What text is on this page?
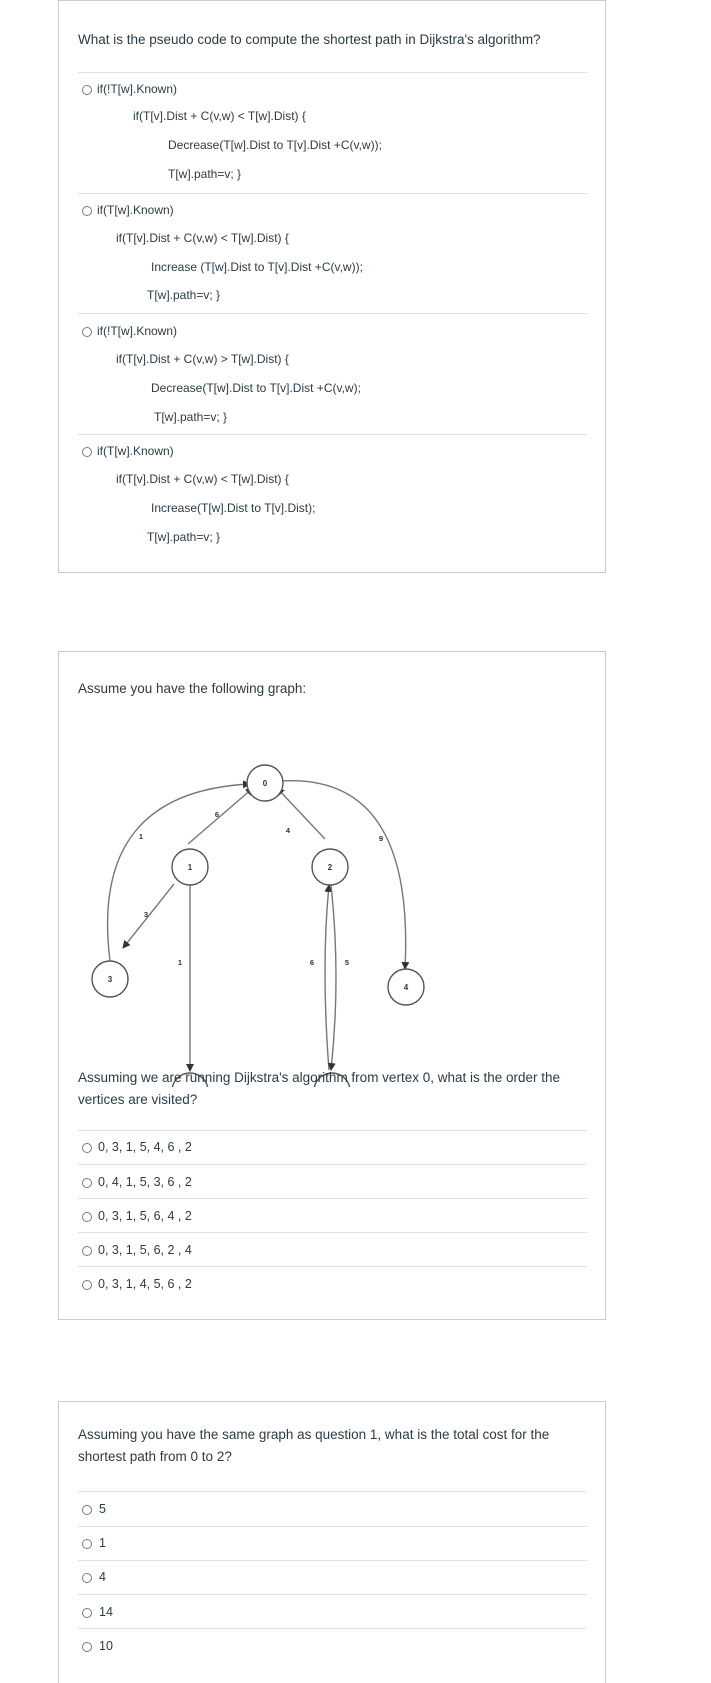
What is the pseudo code to compute the shortest path in Dijkstra's algorithm?
if(!T[w].Known)
if(T[v].Dist + C(v,w) < T[w].Dist) {
Decrease(T[w].Dist to T[v].Dist +C(v,w));
T[w].path=v; }
if(T[w].Known)
if(T[v].Dist + C(v,w) < T[w].Dist) {
Increase (T[w].Dist to T[v].Dist +C(v,w));
T[w].path=v; }
if(!T[w].Known)
if(T[v].Dist + C(v,w) > T[w].Dist) {
Decrease(T[w].Dist to T[v].Dist +C(v,w);
T[w].path=v; }
if(T[w].Known)
if(T[v].Dist + C(v,w) < T[w].Dist) {
Increase(T[w].Dist to T[v].Dist);
T[w].path=v; }
Assume you have the following graph:
1
6
4
9
3
1	6	5
0
1	2
3
4
Assuming we are running Dijkstra's algorithm from vertex 0, what is the order the vertices are visited?
0, 3, 1, 5, 4, 6 , 2
0, 4, 1, 5, 3, 6 , 2
0, 3, 1, 5, 6, 4 , 2
0, 3, 1, 5, 6, 2 , 4
0, 3, 1, 4, 5, 6 , 2
Assuming you have the same graph as question 1, what is the total cost for the shortest path from 0 to 2?
5
1
4
14
10
